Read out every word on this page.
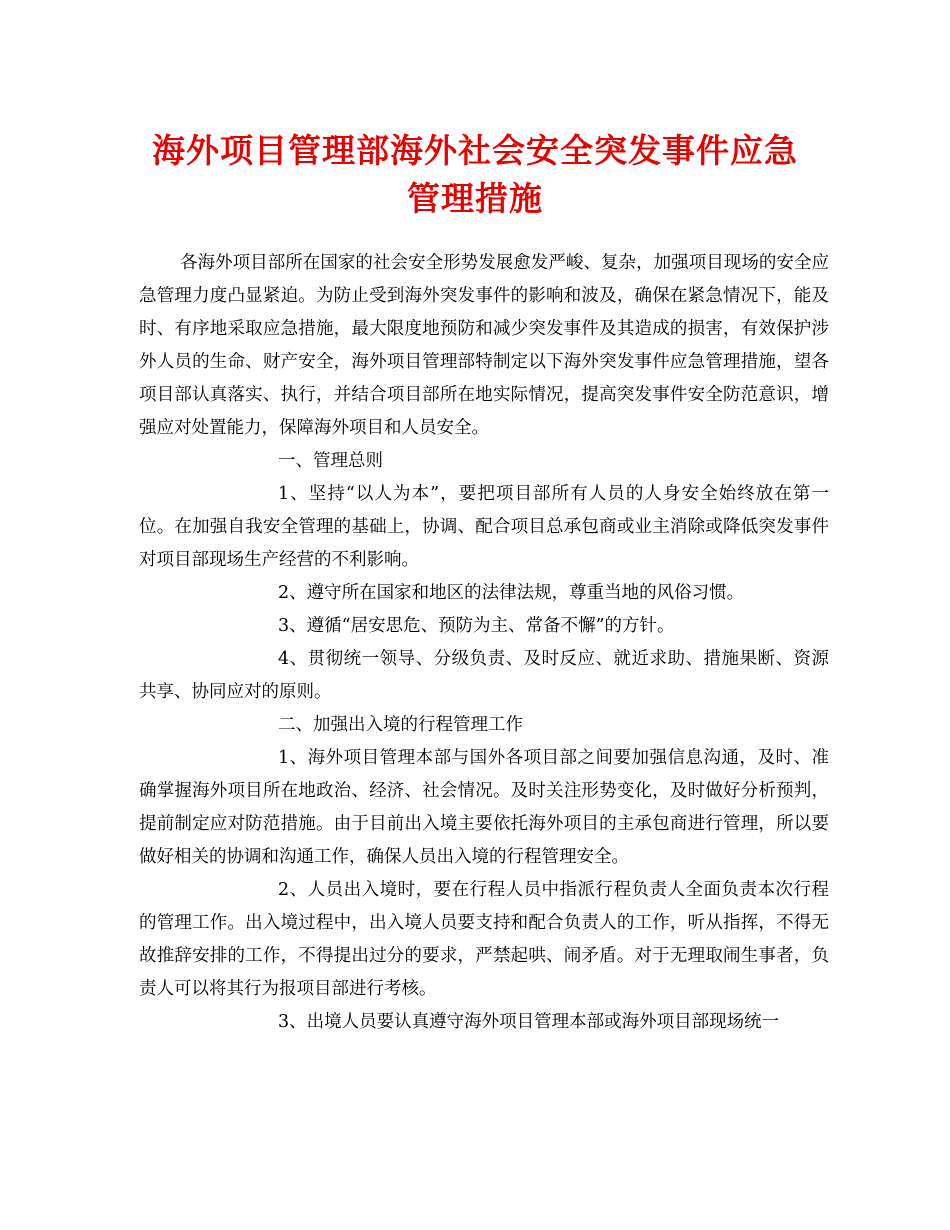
海外项目管理部海外社会安全突发事件应急
管理措施

各海外项目部所在国家的社会安全形势发展愈发严峻、复杂，加强项目现场的安全应急管理力度凸显紧迫。为防止受到海外突发事件的影响和波及，确保在紧急情况下，能及时、有序地采取应急措施，最大限度地预防和减少突发事件及其造成的损害，有效保护涉外人员的生命、财产安全，海外项目管理部特制定以下海外突发事件应急管理措施，望各项目部认真落实、执行，并结合项目部所在地实际情况，提高突发事件安全防范意识，增强应对处置能力，保障海外项目和人员安全。

一、管理总则

1、坚持“以人为本”，要把项目部所有人员的人身安全始终放在第一位。在加强自我安全管理的基础上，协调、配合项目总承包商或业主消除或降低突发事件对项目部现场生产经营的不利影响。

2、遵守所在国家和地区的法律法规，尊重当地的风俗习惯。

3、遵循“居安思危、预防为主、常备不懈”的方针。

4、贯彻统一领导、分级负责、及时反应、就近求助、措施果断、资源共享、协同应对的原则。

二、加强出入境的行程管理工作

1、海外项目管理本部与国外各项目部之间要加强信息沟通，及时、准确掌握海外项目所在地政治、经济、社会情况。及时关注形势变化，及时做好分析预判，提前制定应对防范措施。由于目前出入境主要依托海外项目的主承包商进行管理，所以要做好相关的协调和沟通工作，确保人员出入境的行程管理安全。

2、人员出入境时，要在行程人员中指派行程负责人全面负责本次行程的管理工作。出入境过程中，出入境人员要支持和配合负责人的工作，听从指挥，不得无故推辞安排的工作，不得提出过分的要求，严禁起哄、闹矛盾。对于无理取闹生事者，负责人可以将其行为报项目部进行考核。

3、出境人员要认真遵守海外项目管理本部或海外项目部现场统一
